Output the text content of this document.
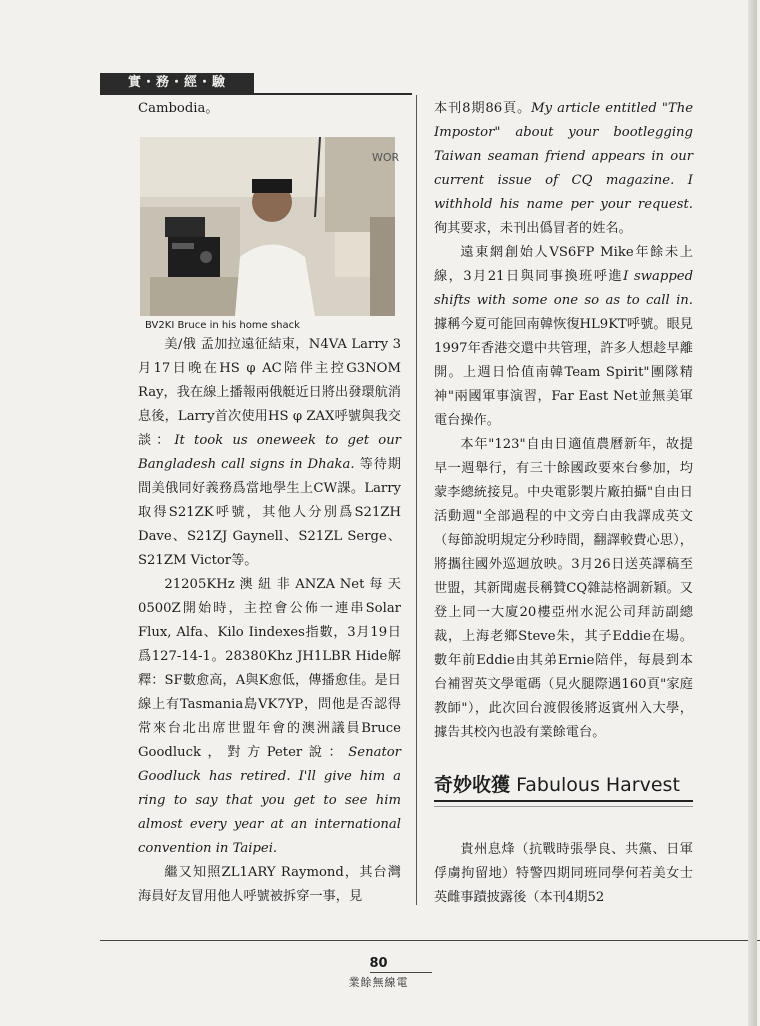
實・務・經・驗

Cambodia。

美/俄 孟加拉遠征結束，N4VA Larry 3月17日晚在HS φ AC陪伴主控G3NOM Ray，我在線上播報兩俄艇近日將出發環航消息後，Larry首次使用HS φ ZAX呼號與我交談：It took us oneweek to get our Bangladesh call signs in Dhaka. 等待期間美俄同好義務爲當地學生上CW課。Larry取得S21ZK呼號，其他人分別爲S21ZH Dave、S21ZJ Gaynell、S21ZL Serge、S21ZM Victor等。

21205KHz 澳 紐 非 ANZA Net 每 天0500Z開始時，主控會公佈一連串Solar Flux, Alfa、Kilo Iindexes指數，3月19日爲127-14-1。28380Khz JH1LBR Hide解釋：SF數愈高，A與K愈低，傳播愈佳。是日線上有Tasmania島VK7YP，問他是否認得常來台北出席世盟年會的澳洲議員Bruce Goodluck，對方Peter說：Senator Goodluck has retired. I'll give him a ring to say that you get to see him almost every year at an international convention in Taipei.

繼又知照ZL1ARY Raymond，其台灣海員好友冒用他人呼號被拆穿一事，見

WOR
BV2KI Bruce in his home shack

本刊8期86頁。My article entitled "The Impostor" about your bootlegging Taiwan seaman friend appears in our current issue of CQ magazine. I withhold his name per your request. 徇其要求，未刊出僞冒者的姓名。

遠東網創始人VS6FP Mike年餘未上線，3月21日與同事換班呼進I swapped shifts with some one so as to call in. 據稱今夏可能回南韓恢復HL9KT呼號。眼見1997年香港交還中共管理，許多人想趁早離開。上週日恰值南韓Team Spirit"團隊精神"兩國軍事演習，Far East Net並無美軍電台操作。

本年"123"自由日適值農曆新年，故提早一週舉行，有三十餘國政要來台參加，均蒙李總統接見。中央電影製片廠拍攝"自由日活動週"全部過程的中文旁白由我譯成英文（每節說明規定分秒時間，翻譯較費心思），將攜往國外巡迴放映。3月26日送英譯稿至世盟，其新聞處長稱贊CQ雜誌格調新穎。又登上同一大廈20樓亞州水泥公司拜訪副總裁，上海老鄉Steve朱，其子Eddie在場。數年前Eddie由其弟Ernie陪伴，每晨到本台補習英文學電碼（見火腿際遇160頁"家庭教師"），此次回台渡假後將返賓州入大學，據告其校內也設有業餘電台。

奇妙收獲 Fabulous Harvest

貴州息烽（抗戰時張學良、共黨、日軍俘虜拘留地）特警四期同班同學何若美女士英雌事蹟披露後（本刊4期52

80
業餘無線電
